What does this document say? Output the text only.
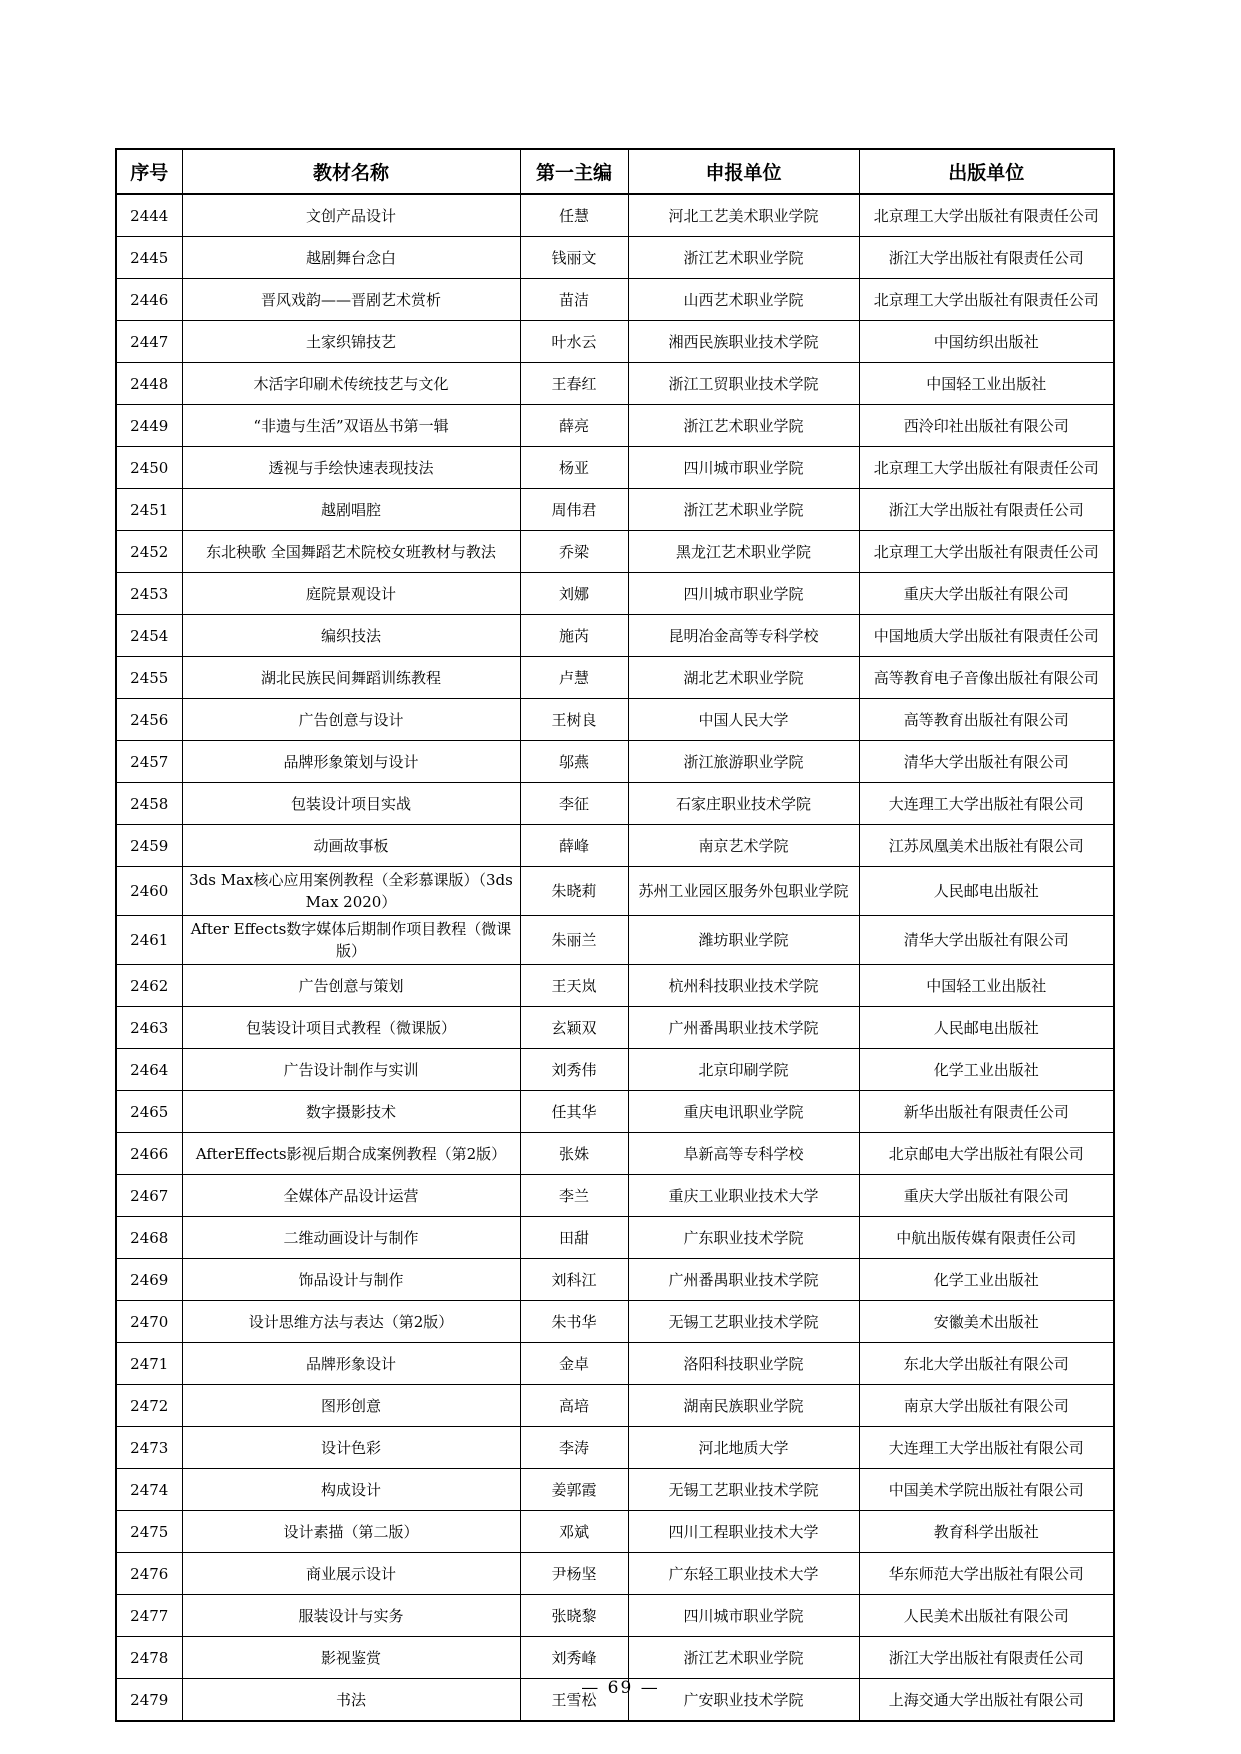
序号	教材名称	第一主编	申报单位	出版单位
2444	文创产品设计	任慧	河北工艺美术职业学院	北京理工大学出版社有限责任公司
2445	越剧舞台念白	钱丽文	浙江艺术职业学院	浙江大学出版社有限责任公司
2446	晋风戏韵——晋剧艺术赏析	苗洁	山西艺术职业学院	北京理工大学出版社有限责任公司
2447	土家织锦技艺	叶水云	湘西民族职业技术学院	中国纺织出版社
2448	木活字印刷术传统技艺与文化	王春红	浙江工贸职业技术学院	中国轻工业出版社
2449	“非遗与生活”双语丛书第一辑	薛亮	浙江艺术职业学院	西泠印社出版社有限公司
2450	透视与手绘快速表现技法	杨亚	四川城市职业学院	北京理工大学出版社有限责任公司
2451	越剧唱腔	周伟君	浙江艺术职业学院	浙江大学出版社有限责任公司
2452	东北秧歌 全国舞蹈艺术院校女班教材与教法	乔梁	黑龙江艺术职业学院	北京理工大学出版社有限责任公司
2453	庭院景观设计	刘娜	四川城市职业学院	重庆大学出版社有限公司
2454	编织技法	施芮	昆明冶金高等专科学校	中国地质大学出版社有限责任公司
2455	湖北民族民间舞蹈训练教程	卢慧	湖北艺术职业学院	高等教育电子音像出版社有限公司
2456	广告创意与设计	王树良	中国人民大学	高等教育出版社有限公司
2457	品牌形象策划与设计	邬燕	浙江旅游职业学院	清华大学出版社有限公司
2458	包装设计项目实战	李征	石家庄职业技术学院	大连理工大学出版社有限公司
2459	动画故事板	薛峰	南京艺术学院	江苏凤凰美术出版社有限公司
2460	3ds Max核心应用案例教程（全彩慕课版）（3ds Max 2020）	朱晓莉	苏州工业园区服务外包职业学院	人民邮电出版社
2461	After Effects数字媒体后期制作项目教程（微课版）	朱丽兰	潍坊职业学院	清华大学出版社有限公司
2462	广告创意与策划	王天岚	杭州科技职业技术学院	中国轻工业出版社
2463	包装设计项目式教程（微课版）	玄颖双	广州番禺职业技术学院	人民邮电出版社
2464	广告设计制作与实训	刘秀伟	北京印刷学院	化学工业出版社
2465	数字摄影技术	任其华	重庆电讯职业学院	新华出版社有限责任公司
2466	AfterEffects影视后期合成案例教程（第2版）	张姝	阜新高等专科学校	北京邮电大学出版社有限公司
2467	全媒体产品设计运营	李兰	重庆工业职业技术大学	重庆大学出版社有限公司
2468	二维动画设计与制作	田甜	广东职业技术学院	中航出版传媒有限责任公司
2469	饰品设计与制作	刘科江	广州番禺职业技术学院	化学工业出版社
2470	设计思维方法与表达（第2版）	朱书华	无锡工艺职业技术学院	安徽美术出版社
2471	品牌形象设计	金卓	洛阳科技职业学院	东北大学出版社有限公司
2472	图形创意	高培	湖南民族职业学院	南京大学出版社有限公司
2473	设计色彩	李涛	河北地质大学	大连理工大学出版社有限公司
2474	构成设计	姜郭霞	无锡工艺职业技术学院	中国美术学院出版社有限公司
2475	设计素描（第二版）	邓斌	四川工程职业技术大学	教育科学出版社
2476	商业展示设计	尹杨坚	广东轻工职业技术大学	华东师范大学出版社有限公司
2477	服装设计与实务	张晓黎	四川城市职业学院	人民美术出版社有限公司
2478	影视鉴赏	刘秀峰	浙江艺术职业学院	浙江大学出版社有限责任公司
2479	书法	王雪松	广安职业技术学院	上海交通大学出版社有限公司
— 69 —
